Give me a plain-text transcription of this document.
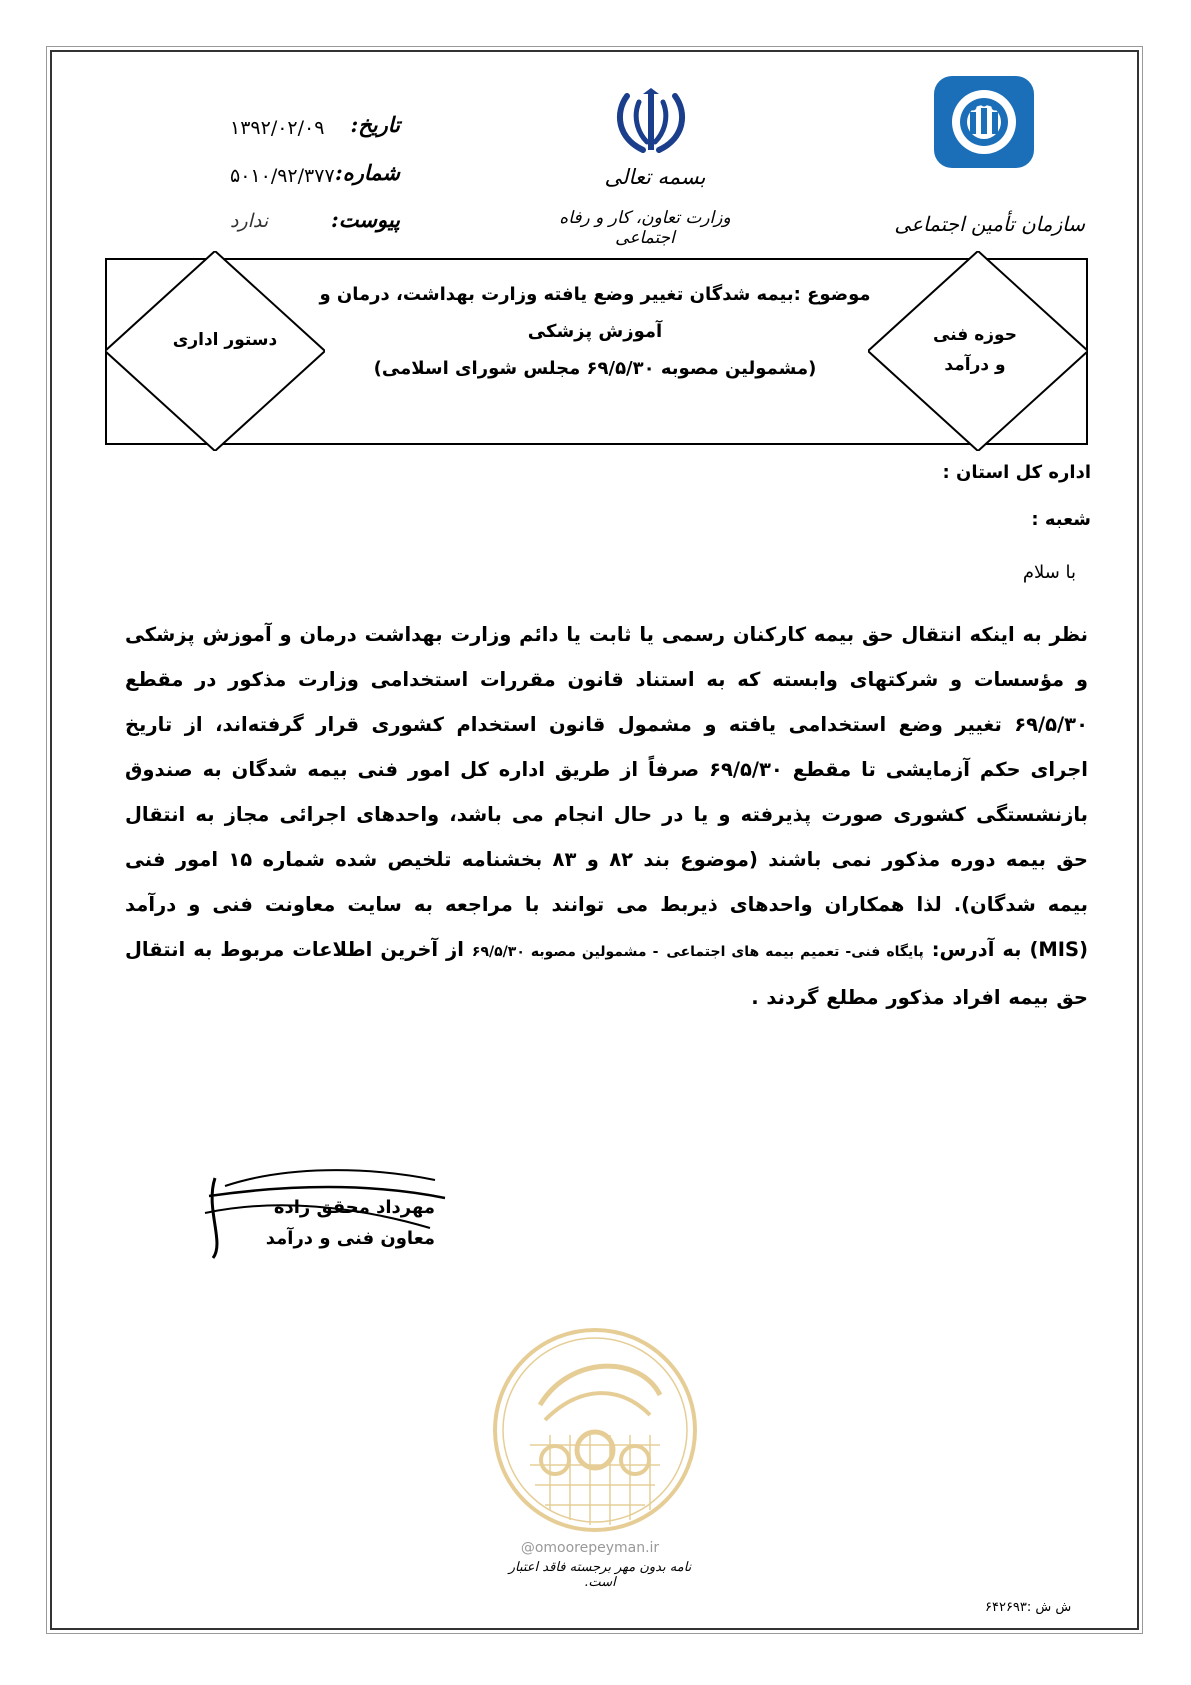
سازمان تأمین اجتماعی
بسمه تعالی
وزارت تعاون، کار و رفاه اجتماعی
تاریخ:
۱۳۹۲/۰۲/۰۹
شماره:
۵۰۱۰/۹۲/۳۷۷
پیوست:
ندارد
دستور اداری	حوزه فنی
و درآمد
موضوع :بیمه شدگان تغییر وضع یافته وزارت بهداشت، درمان و آموزش پزشکی
(مشمولین مصوبه ۶۹/۵/۳۰ مجلس شورای اسلامی)
اداره کل استان :
شعبه :
با سلام
نظر به اینکه انتقال حق بیمه کارکنان رسمی یا ثابت یا دائم وزارت بهداشت درمان و آموزش پزشکی و مؤسسات و شرکتهای وابسته که به استناد قانون مقررات استخدامی وزارت مذکور در مقطع ۶۹/۵/۳۰ تغییر وضع استخدامی یافته و مشمول قانون استخدام کشوری قرار گرفته‌اند، از تاریخ اجرای حکم آزمایشی تا مقطع ۶۹/۵/۳۰ صرفاً از طریق اداره کل امور فنی بیمه شدگان به صندوق بازنشستگی کشوری صورت پذیرفته و یا در حال انجام می باشد، واحدهای اجرائی مجاز به انتقال حق بیمه دوره مذکور نمی باشند (موضوع بند ۸۲ و ۸۳ بخشنامه تلخیص شده شماره ۱۵ امور فنی بیمه شدگان). لذا همکاران واحدهای ذیربط می توانند با مراجعه به سایت معاونت فنی و درآمد (MIS) به آدرس: پایگاه فنی- تعمیم بیمه های اجتماعی - مشمولین مصوبه ۶۹/۵/۳۰ از آخرین اطلاعات مربوط به انتقال حق بیمه افراد مذکور مطلع گردند .
مهرداد محقق زاده
معاون فنی و درآمد
@omoorepeyman.ir
نامه بدون مهر برجسته فاقد اعتبار است.
ش ش :۶۴۲۶۹۳
